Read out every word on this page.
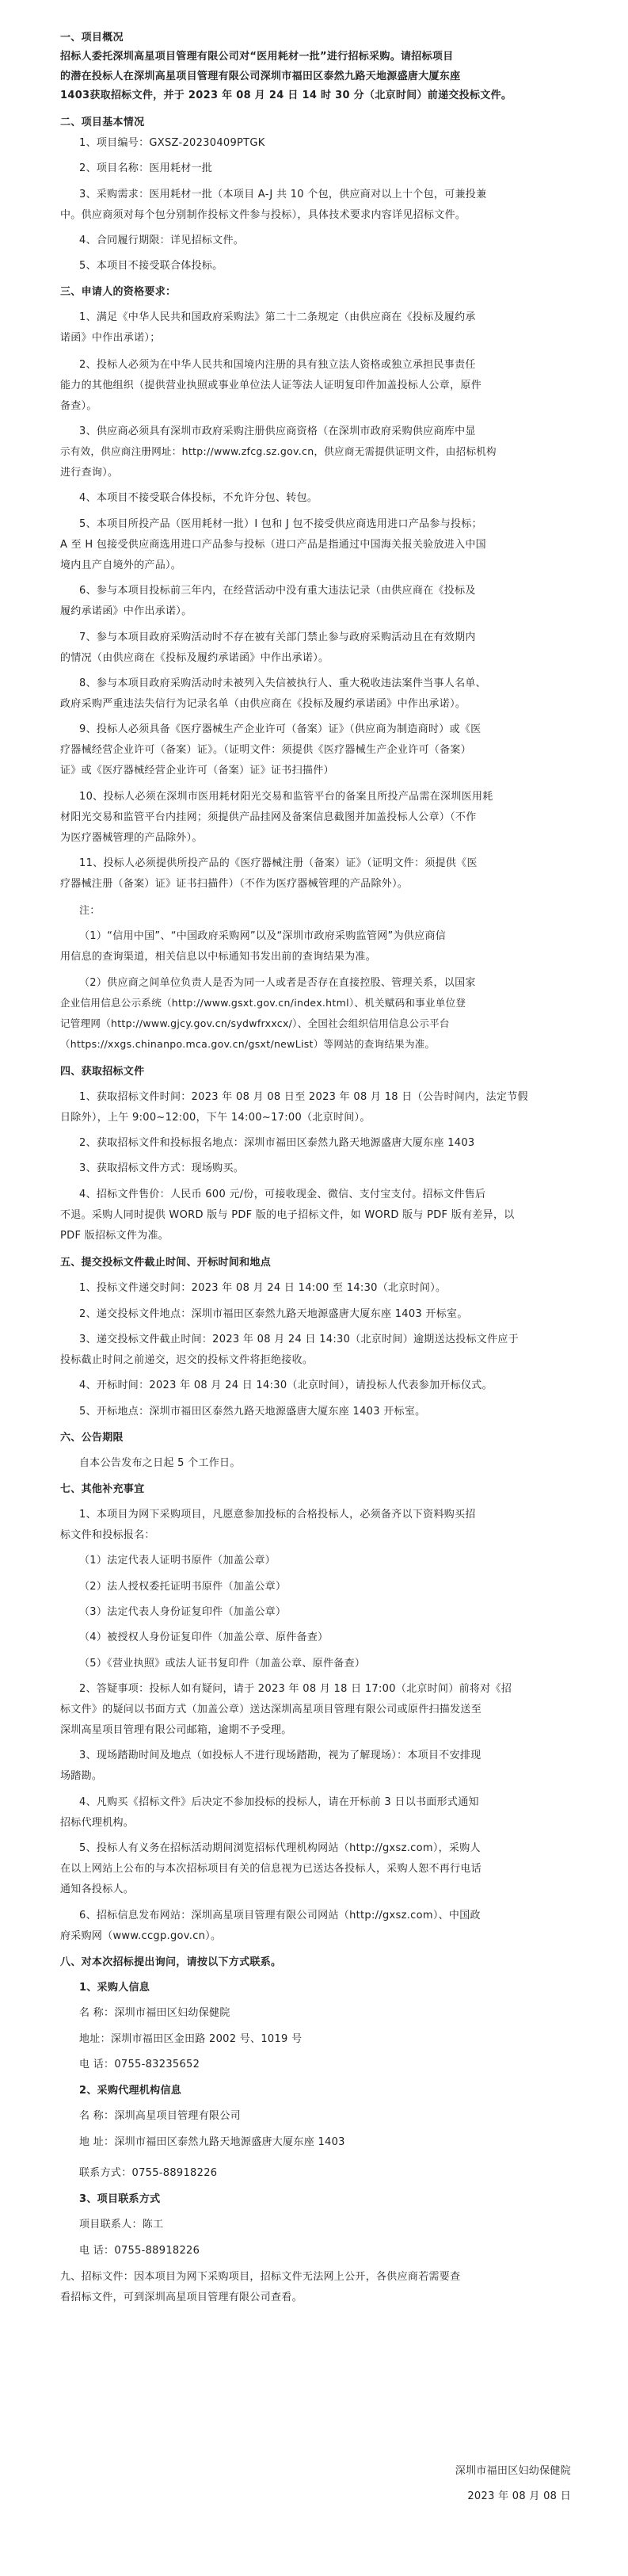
一、项目概况
招标人委托深圳高星项目管理有限公司对“医用耗材一批”进行招标采购。请招标项目
的潜在投标人在深圳高星项目管理有限公司深圳市福田区泰然九路天地源盛唐大厦东座
1403获取招标文件，并于 2023 年 08 月 24 日 14 时 30 分（北京时间）前递交投标文件。
二、项目基本情况
1、项目编号：GXSZ-20230409PTGK
2、项目名称：医用耗材一批
3、采购需求：医用耗材一批（本项目 A-J 共 10 个包，供应商对以上十个包，可兼投兼
中。供应商须对每个包分别制作投标文件参与投标），具体技术要求内容详见招标文件。
4、合同履行期限：详见招标文件。
5、本项目不接受联合体投标。
三、申请人的资格要求：
1、满足《中华人民共和国政府采购法》第二十二条规定（由供应商在《投标及履约承
诺函》中作出承诺）；
2、投标人必须为在中华人民共和国境内注册的具有独立法人资格或独立承担民事责任
能力的其他组织（提供营业执照或事业单位法人证等法人证明复印件加盖投标人公章，原件
备查）。
3、供应商必须具有深圳市政府采购注册供应商资格（在深圳市政府采购供应商库中显
示有效，供应商注册网址：http://www.zfcg.sz.gov.cn，供应商无需提供证明文件，由招标机构
进行查询）。
4、本项目不接受联合体投标，不允许分包、转包。
5、本项目所投产品（医用耗材一批）I 包和 J 包不接受供应商选用进口产品参与投标；
A 至 H 包接受供应商选用进口产品参与投标（进口产品是指通过中国海关报关验放进入中国
境内且产自境外的产品）。
6、参与本项目投标前三年内，在经营活动中没有重大违法记录（由供应商在《投标及
履约承诺函》中作出承诺）。
7、参与本项目政府采购活动时不存在被有关部门禁止参与政府采购活动且在有效期内
的情况（由供应商在《投标及履约承诺函》中作出承诺）。
8、参与本项目政府采购活动时未被列入失信被执行人、重大税收违法案件当事人名单、
政府采购严重违法失信行为记录名单（由供应商在《投标及履约承诺函》中作出承诺）。
9、投标人必须具备《医疗器械生产企业许可（备案）证》（供应商为制造商时）或《医
疗器械经营企业许可（备案）证》。（证明文件：须提供《医疗器械生产企业许可（备案）
证》或《医疗器械经营企业许可（备案）证》证书扫描件）
10、投标人必须在深圳市医用耗材阳光交易和监管平台的备案且所投产品需在深圳医用耗
材阳光交易和监管平台内挂网；须提供产品挂网及备案信息截图并加盖投标人公章）（不作
为医疗器械管理的产品除外）。
11、投标人必须提供所投产品的《医疗器械注册（备案）证》（证明文件：须提供《医
疗器械注册（备案）证》证书扫描件）（不作为医疗器械管理的产品除外）。
注：
（1）“信用中国”、“中国政府采购网”以及“深圳市政府采购监管网”为供应商信
用信息的查询渠道，相关信息以中标通知书发出前的查询结果为准。
（2）供应商之间单位负责人是否为同一人或者是否存在直接控股、管理关系，以国家
企业信用信息公示系统（http://www.gsxt.gov.cn/index.html）、机关赋码和事业单位登
记管理网（http://www.gjcy.gov.cn/sydwfrxxcx/）、全国社会组织信用信息公示平台
（https://xxgs.chinanpo.mca.gov.cn/gsxt/newList）等网站的查询结果为准。
四、获取招标文件
1、获取招标文件时间：2023 年 08 月 08 日至 2023 年 08 月 18 日（公告时间内，法定节假
日除外），上午 9:00~12:00，下午 14:00~17:00（北京时间）。
2、获取招标文件和投标报名地点：深圳市福田区泰然九路天地源盛唐大厦东座 1403
3、获取招标文件方式：现场购买。
4、招标文件售价：人民币 600 元/份，可接收现金、微信、支付宝支付。招标文件售后
不退。采购人同时提供 WORD 版与 PDF 版的电子招标文件，如 WORD 版与 PDF 版有差异，以
PDF 版招标文件为准。
五、提交投标文件截止时间、开标时间和地点
1、投标文件递交时间：2023 年 08 月 24 日 14:00 至 14:30（北京时间）。
2、递交投标文件地点：深圳市福田区泰然九路天地源盛唐大厦东座 1403 开标室。
3、递交投标文件截止时间：2023 年 08 月 24 日 14:30（北京时间）逾期送达投标文件应于
投标截止时间之前递交，迟交的投标文件将拒绝接收。
4、开标时间：2023 年 08 月 24 日 14:30（北京时间），请投标人代表参加开标仪式。
5、开标地点：深圳市福田区泰然九路天地源盛唐大厦东座 1403 开标室。
六、公告期限
自本公告发布之日起 5 个工作日。
七、其他补充事宜
1、本项目为网下采购项目，凡愿意参加投标的合格投标人，必须备齐以下资料购买招
标文件和投标报名：
（1）法定代表人证明书原件（加盖公章）
（2）法人授权委托证明书原件（加盖公章）
（3）法定代表人身份证复印件（加盖公章）
（4）被授权人身份证复印件（加盖公章、原件备查）
（5）《营业执照》或法人证书复印件（加盖公章、原件备查）
2、答疑事项：投标人如有疑问，请于 2023 年 08 月 18 日 17:00（北京时间）前将对《招
标文件》的疑问以书面方式（加盖公章）送达深圳高星项目管理有限公司或原件扫描发送至
深圳高星项目管理有限公司邮箱，逾期不予受理。
3、现场踏勘时间及地点（如投标人不进行现场踏勘，视为了解现场）：本项目不安排现
场踏勘。
4、凡购买《招标文件》后决定不参加投标的投标人，请在开标前 3 日以书面形式通知
招标代理机构。
5、投标人有义务在招标活动期间浏览招标代理机构网站（http://gxsz.com），采购人
在以上网站上公布的与本次招标项目有关的信息视为已送达各投标人，采购人恕不再行电话
通知各投标人。
6、招标信息发布网站：深圳高星项目管理有限公司网站（http://gxsz.com）、中国政
府采购网（www.ccgp.gov.cn）。
八、对本次招标提出询问，请按以下方式联系。
1、采购人信息
名 称：深圳市福田区妇幼保健院
地址：深圳市福田区金田路 2002 号、1019 号
电 话：0755-83235652
2、采购代理机构信息
名 称：深圳高星项目管理有限公司
地 址：深圳市福田区泰然九路天地源盛唐大厦东座 1403
联系方式：0755-88918226
3、项目联系方式
项目联系人：陈工
电 话：0755-88918226
九、招标文件：因本项目为网下采购项目，招标文件无法网上公开，各供应商若需要查
看招标文件，可到深圳高星项目管理有限公司查看。
深圳市福田区妇幼保健院
2023 年 08 月 08 日
